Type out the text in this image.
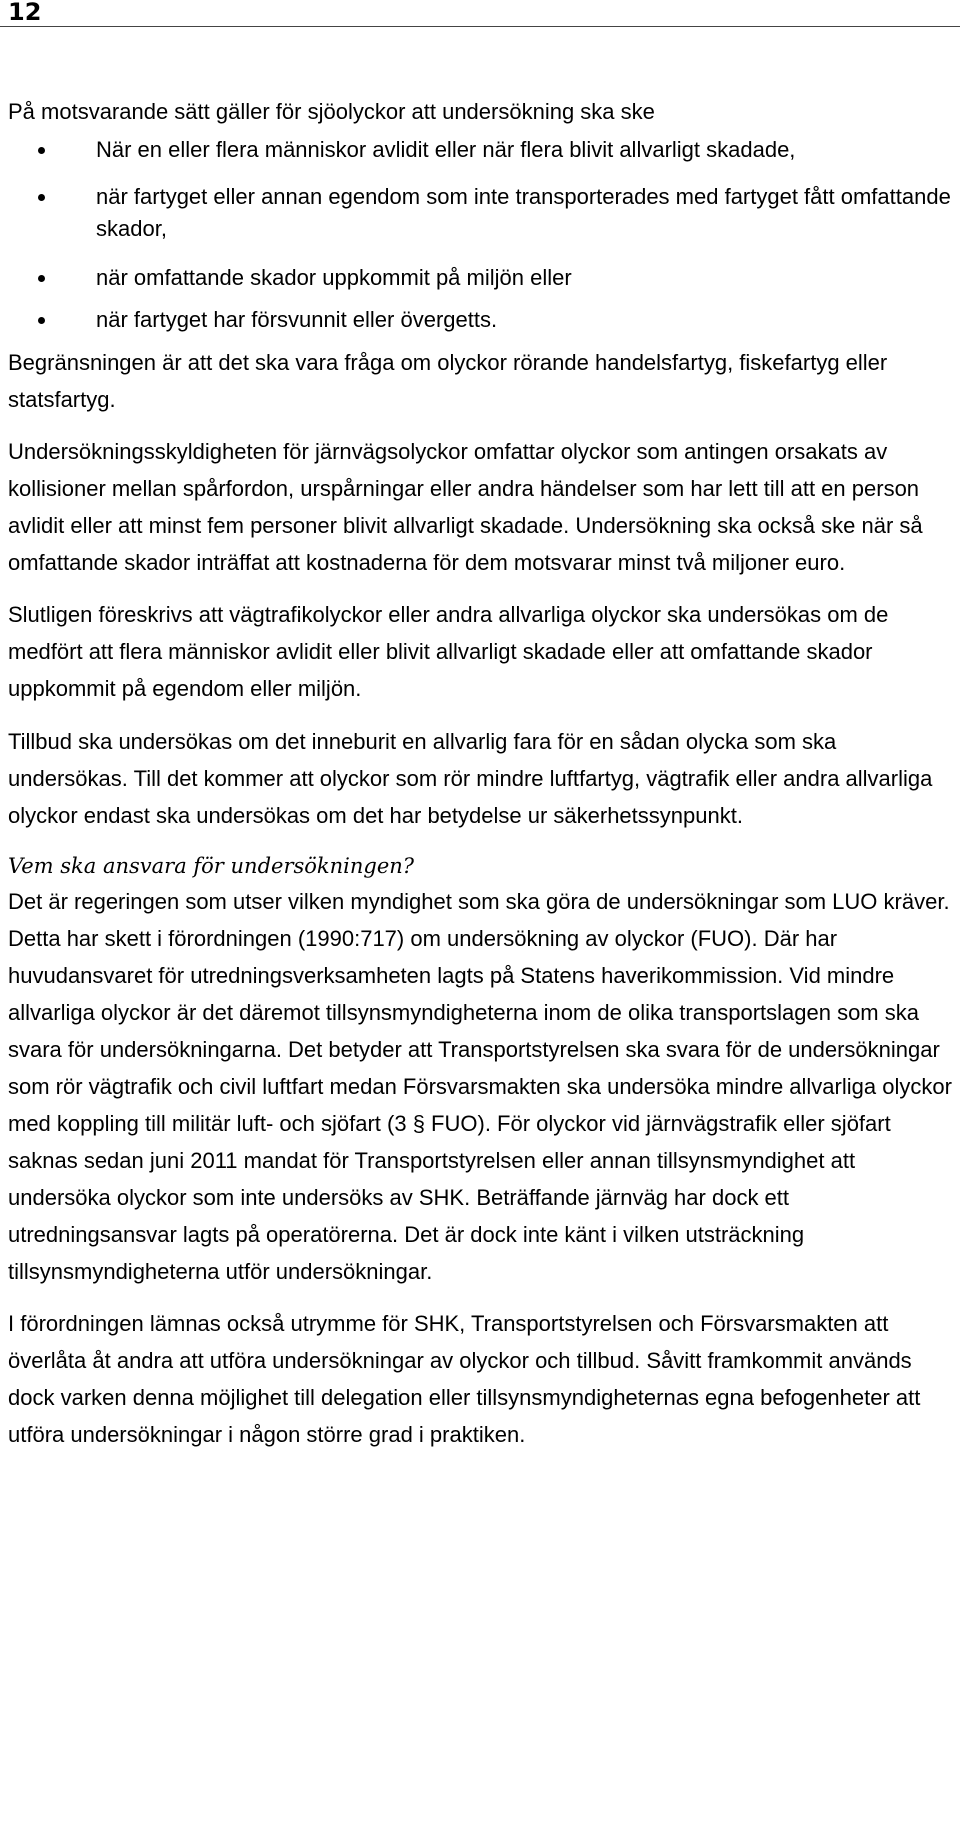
12

På motsvarande sätt gäller för sjöolyckor att undersökning ska ske

När en eller flera människor avlidit eller när flera blivit allvarligt skadade,
när fartyget eller annan egendom som inte transporterades med fartyget fått omfattande skador,
när omfattande skador uppkommit på miljön eller
när fartyget har försvunnit eller övergetts.

Begränsningen är att det ska vara fråga om olyckor rörande handelsfartyg, fiskefartyg eller statsfartyg.

Undersökningsskyldigheten för järnvägsolyckor omfattar olyckor som antingen orsakats av kollisioner mellan spårfordon, urspårningar eller andra händelser som har lett till att en person avlidit eller att minst fem personer blivit allvarligt skadade. Undersökning ska också ske när så omfattande skador inträffat att kostnaderna för dem motsvarar minst två miljoner euro.

Slutligen föreskrivs att vägtrafikolyckor eller andra allvarliga olyckor ska undersökas om de medfört att flera människor avlidit eller blivit allvarligt skadade eller att omfattande skador uppkommit på egendom eller miljön.

Tillbud ska undersökas om det inneburit en allvarlig fara för en sådan olycka som ska undersökas. Till det kommer att olyckor som rör mindre luftfartyg, vägtrafik eller andra allvarliga olyckor endast ska undersökas om det har betydelse ur säkerhetssynpunkt.

Vem ska ansvara för undersökningen?

Det är regeringen som utser vilken myndighet som ska göra de undersökningar som LUO kräver. Detta har skett i förordningen (1990:717) om undersökning av olyckor (FUO). Där har huvudansvaret för utredningsverksamheten lagts på Statens haverikommission. Vid mindre allvarliga olyckor är det däremot tillsynsmyndigheterna inom de olika transportslagen som ska svara för undersökningarna. Det betyder att Transportstyrelsen ska svara för de undersökningar som rör vägtrafik och civil luftfart medan Försvarsmakten ska undersöka mindre allvarliga olyckor med koppling till militär luft- och sjöfart (3 § FUO). För olyckor vid järnvägstrafik eller sjöfart saknas sedan juni 2011 mandat för Transportstyrelsen eller annan tillsynsmyndighet att undersöka olyckor som inte undersöks av SHK. Beträffande järnväg har dock ett utredningsansvar lagts på operatörerna. Det är dock inte känt i vilken utsträckning tillsynsmyndigheterna utför undersökningar.

I förordningen lämnas också utrymme för SHK, Transportstyrelsen och Försvarsmakten att överlåta åt andra att utföra undersökningar av olyckor och tillbud. Såvitt framkommit används dock varken denna möjlighet till delegation eller tillsynsmyndigheternas egna befogenheter att utföra undersökningar i någon större grad i praktiken.
